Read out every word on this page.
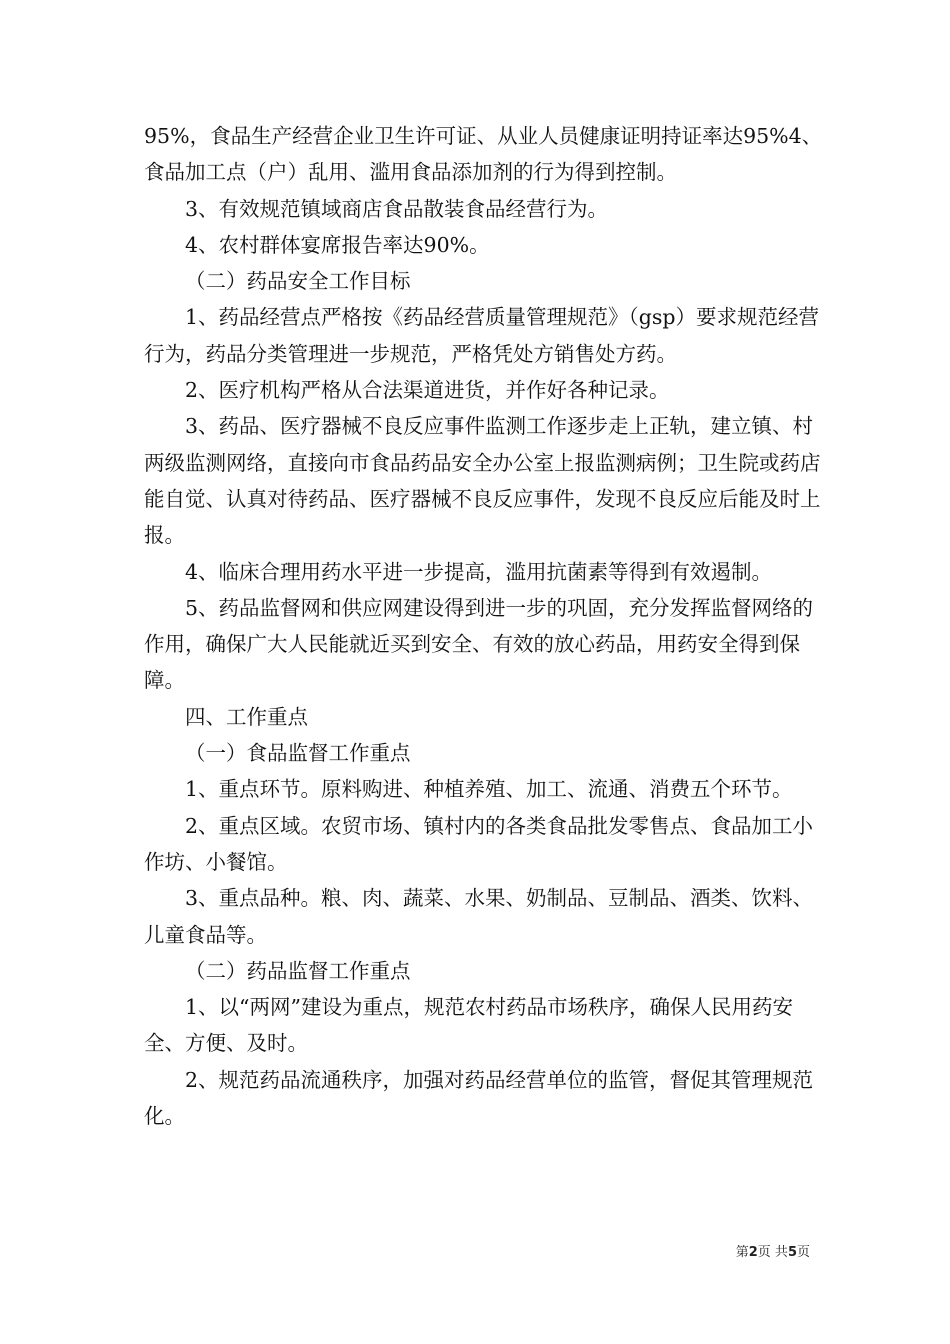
95%，食品生产经营企业卫生许可证、从业人员健康证明持证率达95%4、食品加工点（户）乱用、滥用食品添加剂的行为得到控制。

3、有效规范镇域商店食品散装食品经营行为。

4、农村群体宴席报告率达90%。

（二）药品安全工作目标

1、药品经营点严格按《药品经营质量管理规范》（gsp）要求规范经营行为，药品分类管理进一步规范，严格凭处方销售处方药。

2、医疗机构严格从合法渠道进货，并作好各种记录。

3、药品、医疗器械不良反应事件监测工作逐步走上正轨，建立镇、村两级监测网络，直接向市食品药品安全办公室上报监测病例；卫生院或药店能自觉、认真对待药品、医疗器械不良反应事件，发现不良反应后能及时上报。

4、临床合理用药水平进一步提高，滥用抗菌素等得到有效遏制。

5、药品监督网和供应网建设得到进一步的巩固，充分发挥监督网络的作用，确保广大人民能就近买到安全、有效的放心药品，用药安全得到保障。

四、工作重点

（一）食品监督工作重点

1、重点环节。原料购进、种植养殖、加工、流通、消费五个环节。

2、重点区域。农贸市场、镇村内的各类食品批发零售点、食品加工小作坊、小餐馆。

3、重点品种。粮、肉、蔬菜、水果、奶制品、豆制品、酒类、饮料、儿童食品等。

（二）药品监督工作重点

1、以“两网”建设为重点，规范农村药品市场秩序，确保人民用药安全、方便、及时。

2、规范药品流通秩序，加强对药品经营单位的监管，督促其管理规范化。

第2页 共5页
